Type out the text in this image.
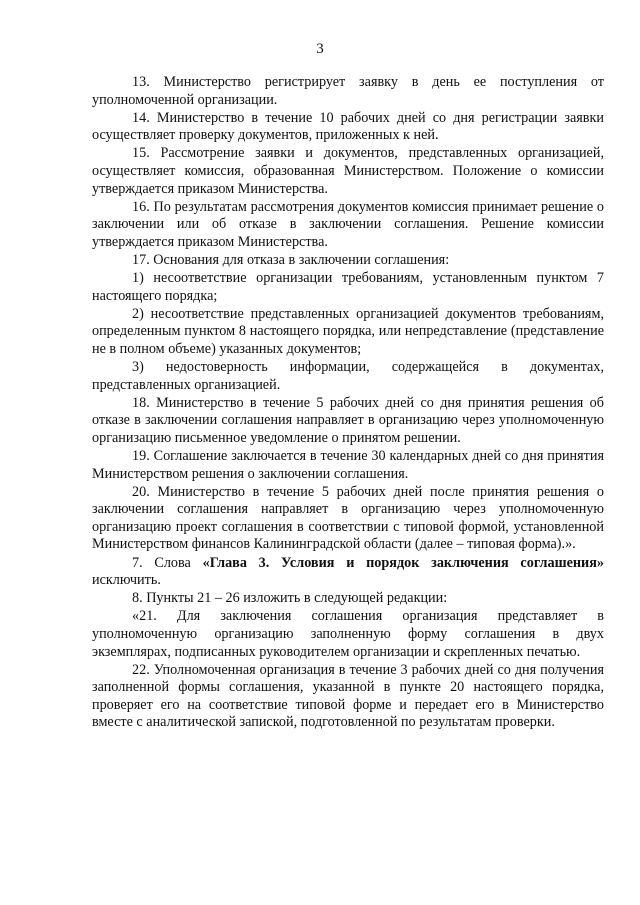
3

13. Министерство регистрирует заявку в день ее поступления от уполномоченной организации.

14. Министерство в течение 10 рабочих дней со дня регистрации заявки осуществляет проверку документов, приложенных к ней.

15. Рассмотрение заявки и документов, представленных организацией, осуществляет комиссия, образованная Министерством. Положение о комиссии утверждается приказом Министерства.

16. По результатам рассмотрения документов комиссия принимает решение о заключении или об отказе в заключении соглашения. Решение комиссии утверждается приказом Министерства.

17. Основания для отказа в заключении соглашения:

1) несоответствие организации требованиям, установленным пунктом 7 настоящего порядка;

2) несоответствие представленных организацией документов требованиям, определенным пунктом 8 настоящего порядка, или непредставление (представление не в полном объеме) указанных документов;

3) недостоверность информации, содержащейся в документах, представленных организацией.

18. Министерство в течение 5 рабочих дней со дня принятия решения об отказе в заключении соглашения направляет в организацию через уполномоченную организацию письменное уведомление о принятом решении.

19. Соглашение заключается в течение 30 календарных дней со дня принятия Министерством решения о заключении соглашения.

20. Министерство в течение 5 рабочих дней после принятия решения о заключении соглашения направляет в организацию через уполномоченную организацию проект соглашения в соответствии с типовой формой, установленной Министерством финансов Калининградской области (далее – типовая форма).».

7. Слова «Глава 3. Условия и порядок заключения соглашения» исключить.

8. Пункты 21 – 26 изложить в следующей редакции:

«21. Для заключения соглашения организация представляет в уполномоченную организацию заполненную форму соглашения в двух экземплярах, подписанных руководителем организации и скрепленных печатью.

22. Уполномоченная организация в течение 3 рабочих дней со дня получения заполненной формы соглашения, указанной в пункте 20 настоящего порядка, проверяет его на соответствие типовой форме и передает его в Министерство вместе с аналитической запиской, подготовленной по результатам проверки.
